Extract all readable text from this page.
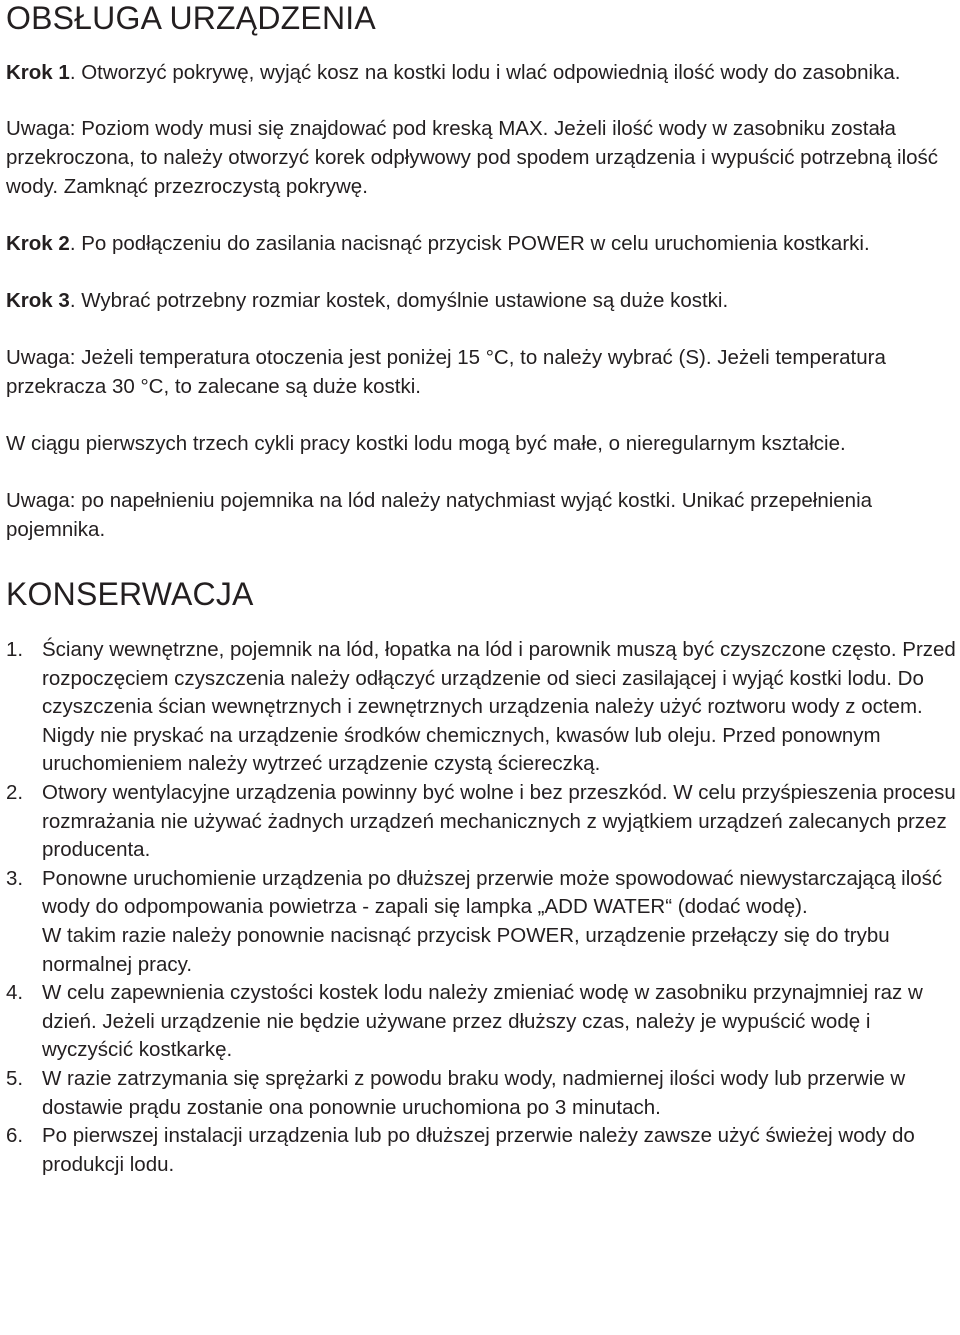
OBSŁUGA URZĄDZENIA

Krok 1. Otworzyć pokrywę, wyjąć kosz na kostki lodu i wlać odpowiednią ilość wody do zasobnika.

Uwaga: Poziom wody musi się znajdować pod kreską MAX. Jeżeli ilość wody w zasobniku została przekroczona, to należy otworzyć korek odpływowy pod spodem urządzenia i wypuścić potrzebną ilość wody. Zamknąć przezroczystą pokrywę.

Krok 2. Po podłączeniu do zasilania nacisnąć przycisk POWER w celu uruchomienia kostkarki.

Krok 3. Wybrać potrzebny rozmiar kostek, domyślnie ustawione są duże kostki.

Uwaga: Jeżeli temperatura otoczenia jest poniżej 15 °C, to należy wybrać (S). Jeżeli temperatura przekracza 30 °C, to zalecane są duże kostki.

W ciągu pierwszych trzech cykli pracy kostki lodu mogą być małe, o nieregularnym kształcie.

Uwaga: po napełnieniu pojemnika na lód należy natychmiast wyjąć kostki. Unikać przepełnienia pojemnika.

KONSERWACJA
1. Ściany wewnętrzne, pojemnik na lód, łopatka na lód i parownik muszą być czyszczone często. Przed rozpoczęciem czyszczenia należy odłączyć urządzenie od sieci zasilającej i wyjąć kostki lodu. Do czyszczenia ścian wewnętrznych i zewnętrznych urządzenia należy użyć roztworu wody z octem. Nigdy nie pryskać na urządzenie środków chemicznych, kwasów lub oleju. Przed ponownym uruchomieniem należy wytrzeć urządzenie czystą ściereczką.
2. Otwory wentylacyjne urządzenia powinny być wolne i bez przeszkód. W celu przyśpieszenia procesu rozmrażania nie używać żadnych urządzeń mechanicznych z wyjątkiem urządzeń zalecanych przez producenta.
3. Ponowne uruchomienie urządzenia po dłuższej przerwie może spowodować niewystarczającą ilość wody do odpompowania powietrza - zapali się lampka „ADD WATER“ (dodać wodę).
W takim razie należy ponownie nacisnąć przycisk POWER, urządzenie przełączy się do trybu normalnej pracy.
4. W celu zapewnienia czystości kostek lodu należy zmieniać wodę w zasobniku przynajmniej raz w dzień. Jeżeli urządzenie nie będzie używane przez dłuższy czas, należy je wypuścić wodę i wyczyścić kostkarkę.
5. W razie zatrzymania się sprężarki z powodu braku wody, nadmiernej ilości wody lub przerwie w dostawie prądu zostanie ona ponownie uruchomiona po 3 minutach.
6. Po pierwszej instalacji urządzenia lub po dłuższej przerwie należy zawsze użyć świeżej wody do produkcji lodu.
